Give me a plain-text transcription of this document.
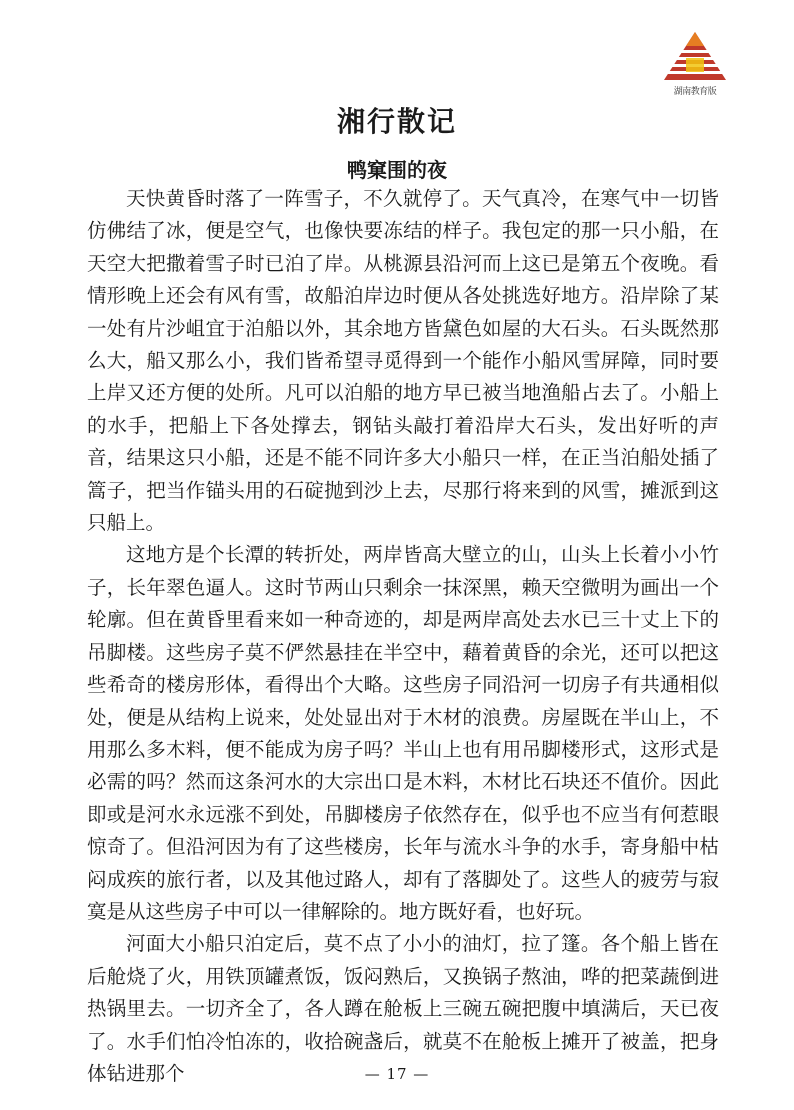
湖南教育版
湘行散记
鸭窠围的夜

天快黄昏时落了一阵雪子，不久就停了。天气真冷，在寒气中一切皆仿佛结了冰，便是空气，也像快要冻结的样子。我包定的那一只小船，在天空大把撒着雪子时已泊了岸。从桃源县沿河而上这已是第五个夜晚。看情形晚上还会有风有雪，故船泊岸边时便从各处挑选好地方。沿岸除了某一处有片沙岨宜于泊船以外，其余地方皆黛色如屋的大石头。石头既然那么大，船又那么小，我们皆希望寻觅得到一个能作小船风雪屏障，同时要上岸又还方便的处所。凡可以泊船的地方早已被当地渔船占去了。小船上的水手，把船上下各处撑去，钢钻头敲打着沿岸大石头，发出好听的声音，结果这只小船，还是不能不同许多大小船只一样，在正当泊船处插了篙子，把当作锚头用的石碇抛到沙上去，尽那行将来到的风雪，摊派到这只船上。

这地方是个长潭的转折处，两岸皆高大壁立的山，山头上长着小小竹子，长年翠色逼人。这时节两山只剩余一抹深黑，赖天空微明为画出一个轮廓。但在黄昏里看来如一种奇迹的，却是两岸高处去水已三十丈上下的吊脚楼。这些房子莫不俨然悬挂在半空中，藉着黄昏的余光，还可以把这些希奇的楼房形体，看得出个大略。这些房子同沿河一切房子有共通相似处，便是从结构上说来，处处显出对于木材的浪费。房屋既在半山上，不用那么多木料，便不能成为房子吗？半山上也有用吊脚楼形式，这形式是必需的吗？然而这条河水的大宗出口是木料，木材比石块还不值价。因此即或是河水永远涨不到处，吊脚楼房子依然存在，似乎也不应当有何惹眼惊奇了。但沿河因为有了这些楼房，长年与流水斗争的水手，寄身船中枯闷成疾的旅行者，以及其他过路人，却有了落脚处了。这些人的疲劳与寂寞是从这些房子中可以一律解除的。地方既好看，也好玩。

河面大小船只泊定后，莫不点了小小的油灯，拉了篷。各个船上皆在后舱烧了火，用铁顶罐煮饭，饭闷熟后，又换锅子熬油，哗的把菜蔬倒进热锅里去。一切齐全了，各人蹲在舱板上三碗五碗把腹中填满后，天已夜了。水手们怕冷怕冻的，收拾碗盏后，就莫不在舱板上摊开了被盖，把身体钻进那个	— 17 —
